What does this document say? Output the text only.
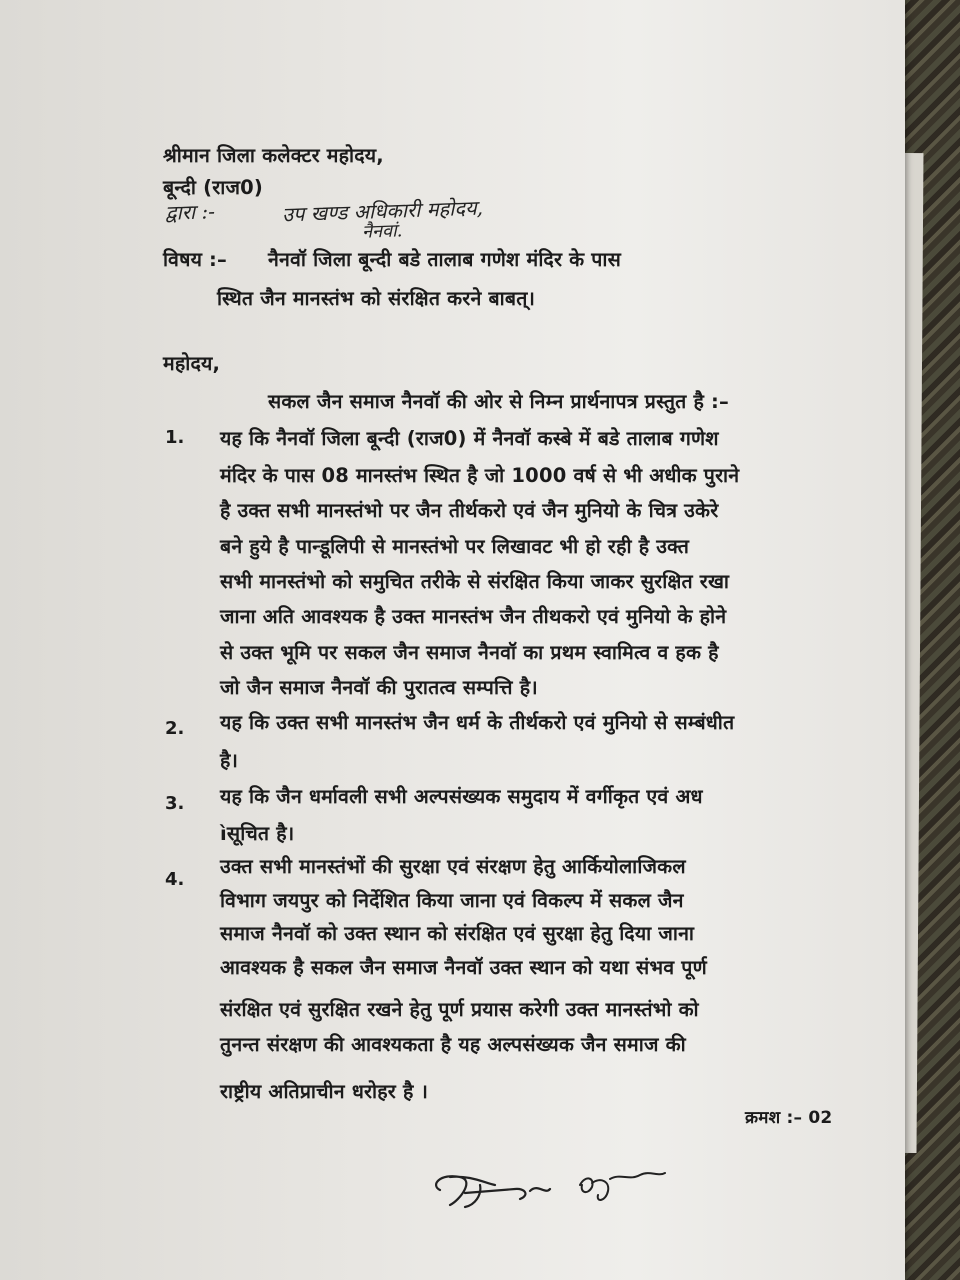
श्रीमान जिला कलेक्टर महोदय,
बून्दी (राज0)
द्वारा :-	उप खण्ड अधिकारी महोदय,
नैनवां.
विषय :– नैनवॉ जिला बून्दी बडे तालाब गणेश मंदिर के पास
स्थित जैन मानस्तंभ को संरक्षित करने बाबत्।
महोदय,
सकल जैन समाज नैनवॉ की ओर से निम्न प्रार्थनापत्र प्रस्तुत है :–
1. यह कि नैनवॉ जिला बून्दी (राज0) में नैनवॉ कस्बे में बडे तालाब गणेश
मंदिर के पास 08 मानस्तंभ स्थित है जो 1000 वर्ष से भी अधीक पुराने
है उक्त सभी मानस्तंभो पर जैन तीर्थकरो एवं जैन मुनियो के चित्र उकेरे
बने हुये है पान्डूलिपी से मानस्तंभो पर लिखावट भी हो रही है उक्त
सभी मानस्तंभो को समुचित तरीके से संरक्षित किया जाकर सुरक्षित रखा
जाना अति आवश्यक है उक्त मानस्तंभ जैन तीथकरो एवं मुनियो के होने
से उक्त भूमि पर सकल जैन समाज नैनवॉ का प्रथम स्वामित्व व हक है
जो जैन समाज नैनवॉ की पुरातत्व सम्पत्ति है।
2. यह कि उक्त सभी मानस्तंभ जैन धर्म के तीर्थकरो एवं मुनियो से सम्बंधीत
है।
3. यह कि जैन धर्मावली सभी अल्पसंख्यक समुदाय में वर्गीकृत एवं अध
ìसूचित है।
4.
उक्त सभी मानस्तंभों की सुरक्षा एवं संरक्षण हेतु आर्कियोलाजिकल
विभाग जयपुर को निर्देशित किया जाना एवं विकल्प में सकल जैन
समाज नैनवॉ को उक्त स्थान को संरक्षित एवं सुरक्षा हेतु दिया जाना
आवश्यक है सकल जैन समाज नैनवॉ उक्त स्थान को यथा संभव पूर्ण
संरक्षित एवं सुरक्षित रखने हेतु पूर्ण प्रयास करेगी उक्त मानस्तंभो को
तुनन्त संरक्षण की आवश्यकता है यह अल्पसंख्यक जैन समाज की
राष्ट्रीय अतिप्राचीन धरोहर है ।
क्रमश :– 02
